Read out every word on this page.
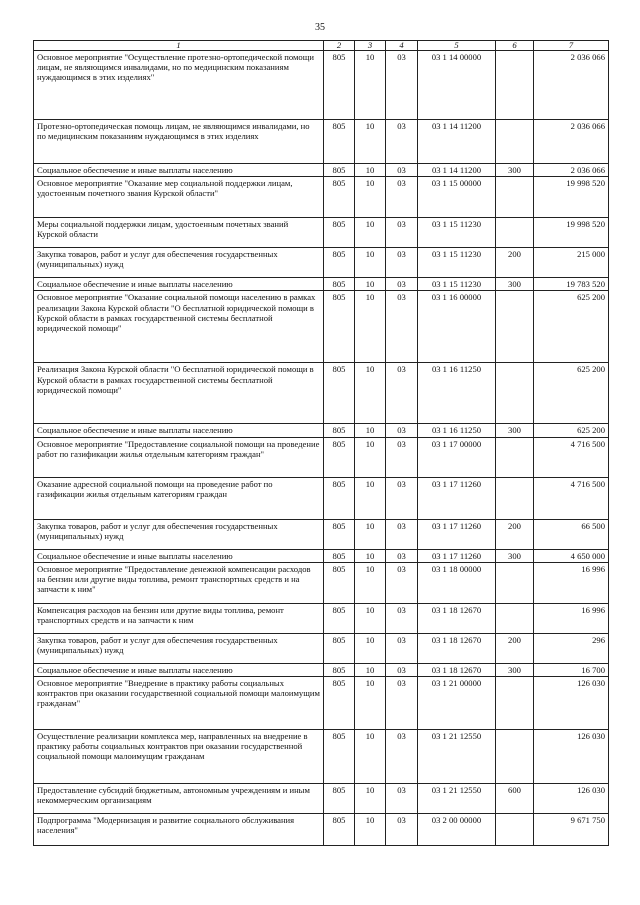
35
1	2	3	4	5	6	7
Основное мероприятие "Осуществление протезно-ортопедической помощи лицам, не являющимся инвалидами, но по медицинским показаниям нуждающимся в этих изделиях"	805	10	03	03 1 14 00000		2 036 066
Протезно-ортопедическая помощь лицам, не являющимся инвалидами, но по медицинским показаниям нуждающимся в этих изделиях	805	10	03	03 1 14 11200		2 036 066
Социальное обеспечение и иные выплаты населению	805	10	03	03 1 14 11200	300	2 036 066
Основное мероприятие "Оказание мер социальной поддержки лицам, удостоенным почетного звания Курской области"	805	10	03	03 1 15 00000		19 998 520
Меры социальной поддержки лицам, удостоенным почетных званий Курской области	805	10	03	03 1 15 11230		19 998 520
Закупка товаров, работ и услуг для обеспечения государственных (муниципальных) нужд	805	10	03	03 1 15 11230	200	215 000
Социальное обеспечение и иные выплаты населению	805	10	03	03 1 15 11230	300	19 783 520
Основное мероприятие "Оказание социальной помощи населению в рамках реализации Закона Курской области "О бесплатной юридической помощи в Курской области в рамках государственной системы бесплатной юридической помощи"	805	10	03	03 1 16 00000		625 200
Реализация Закона Курской области "О бесплатной юридической помощи в Курской области в рамках государственной системы бесплатной юридической помощи"	805	10	03	03 1 16 11250		625 200
Социальное обеспечение и иные выплаты населению	805	10	03	03 1 16 11250	300	625 200
Основное мероприятие "Предоставление социальной помощи на проведение работ по газификации жилья отдельным категориям граждан"	805	10	03	03 1 17 00000		4 716 500
Оказание адресной социальной помощи на проведение работ по газификации жилья отдельным категориям граждан	805	10	03	03 1 17 11260		4 716 500
Закупка товаров, работ и услуг для обеспечения государственных (муниципальных) нужд	805	10	03	03 1 17 11260	200	66 500
Социальное обеспечение и иные выплаты населению	805	10	03	03 1 17 11260	300	4 650 000
Основное мероприятие "Предоставление денежной компенсации расходов на бензин или другие виды топлива, ремонт транспортных средств и на запчасти к ним"	805	10	03	03 1 18 00000		16 996
Компенсация расходов на бензин или другие виды топлива, ремонт транспортных средств и на запчасти к ним	805	10	03	03 1 18 12670		16 996
Закупка товаров, работ и услуг для обеспечения государственных (муниципальных) нужд	805	10	03	03 1 18 12670	200	296
Социальное обеспечение и иные выплаты населению	805	10	03	03 1 18 12670	300	16 700
Основное мероприятие "Внедрение в практику работы социальных контрактов при оказании государственной социальной помощи малоимущим гражданам"	805	10	03	03 1 21 00000		126 030
Осуществление реализации комплекса мер, направленных на внедрение в практику работы социальных контрактов при оказании государственной социальной помощи малоимущим гражданам	805	10	03	03 1 21 12550		126 030
Предоставление субсидий бюджетным, автономным учреждениям и иным некоммерческим организациям	805	10	03	03 1 21 12550	600	126 030
Подпрограмма "Модернизация и развитие социального обслуживания населения"	805	10	03	03 2 00 00000		9 671 750
